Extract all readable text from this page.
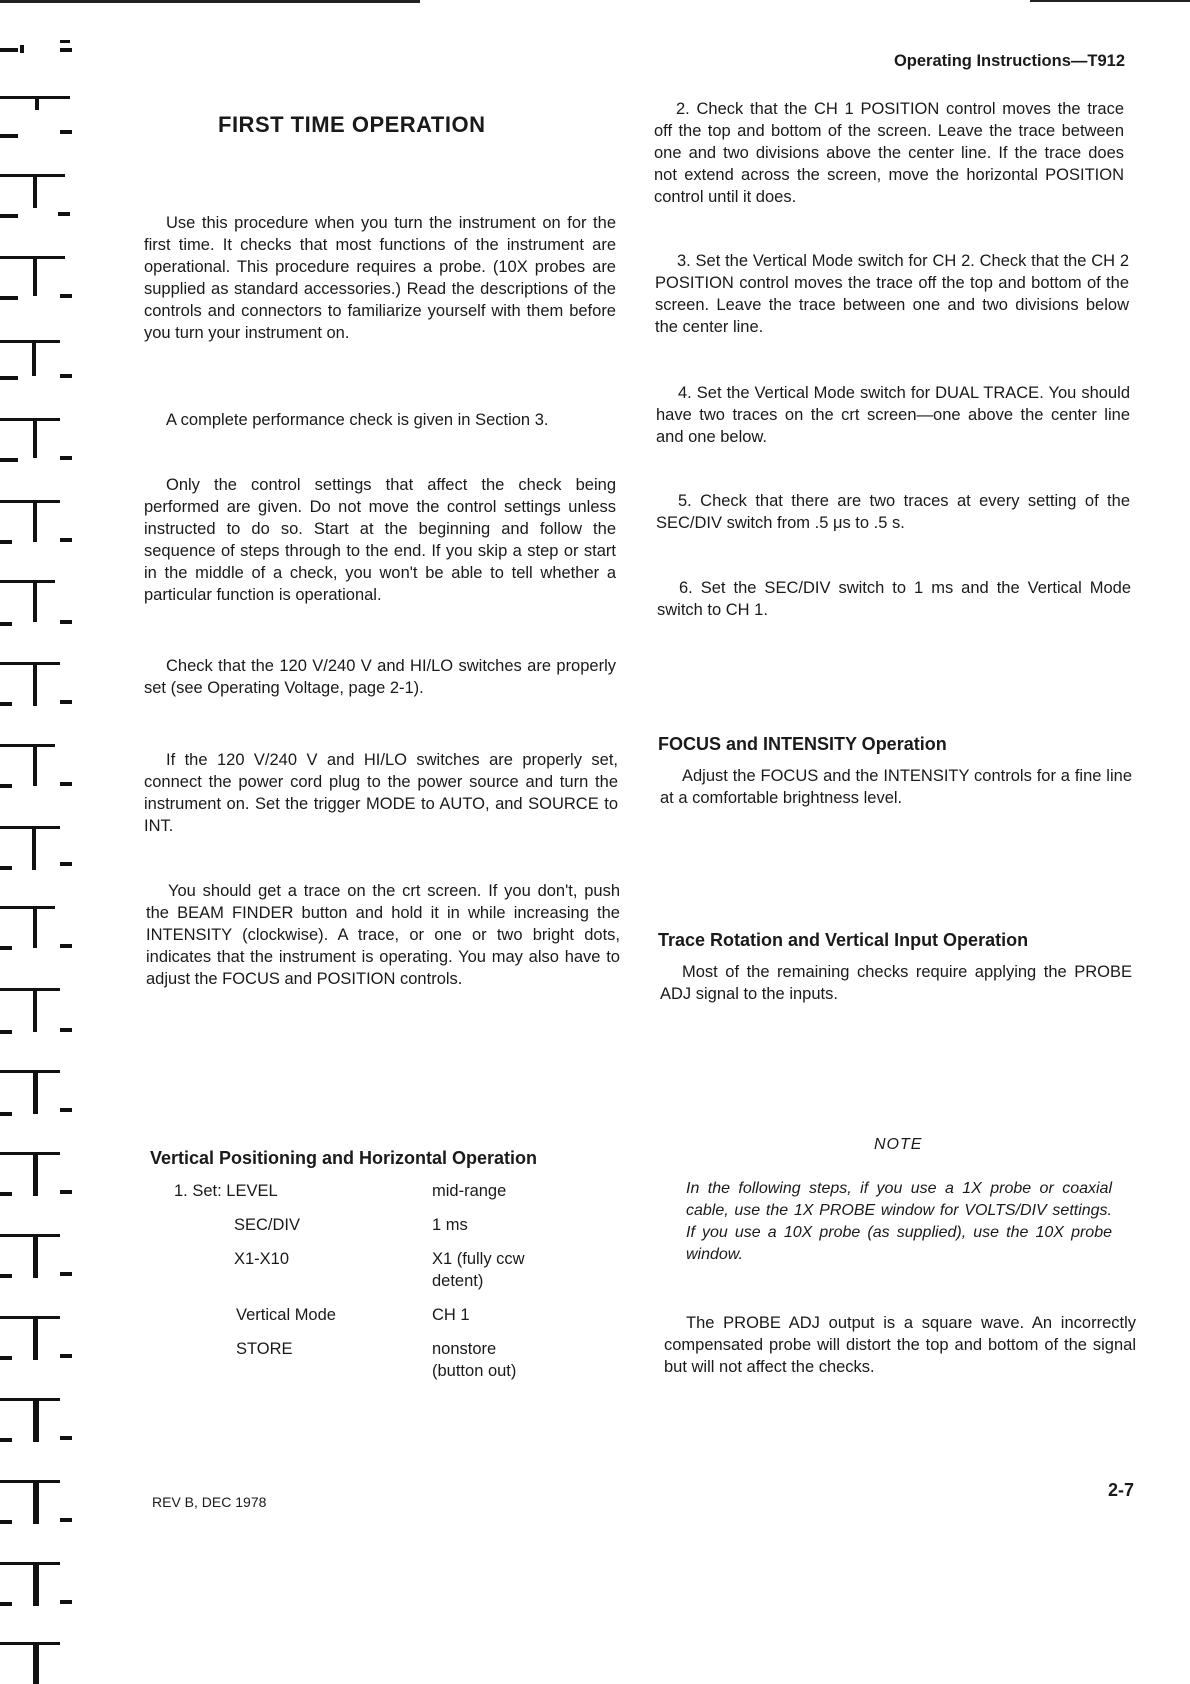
Operating Instructions—T912
FIRST TIME OPERATION

Use this procedure when you turn the instrument on for the first time. It checks that most functions of the instrument are operational. This procedure requires a probe. (10X probes are supplied as standard accessories.) Read the descriptions of the controls and connectors to familiarize yourself with them before you turn your instrument on.

A complete performance check is given in Section 3.

Only the control settings that affect the check being performed are given. Do not move the control settings unless instructed to do so. Start at the beginning and follow the sequence of steps through to the end. If you skip a step or start in the middle of a check, you won't be able to tell whether a particular function is operational.

Check that the 120 V/240 V and HI/LO switches are properly set (see Operating Voltage, page 2-1).

If the 120 V/240 V and HI/LO switches are properly set, connect the power cord plug to the power source and turn the instrument on. Set the trigger MODE to AUTO, and SOURCE to INT.

You should get a trace on the crt screen. If you don't, push the BEAM FINDER button and hold it in while increasing the INTENSITY (clockwise). A trace, or one or two bright dots, indicates that the instrument is operating. You may also have to adjust the FOCUS and POSITION controls.

Vertical Positioning and Horizontal Operation
1. Set: LEVEL	mid-range
SEC/DIV	1 ms
X1-X10	X1 (fully ccw detent)
Vertical Mode	CH 1
STORE	nonstore (button out)
REV B, DEC 1978

2. Check that the CH 1 POSITION control moves the trace off the top and bottom of the screen. Leave the trace between one and two divisions above the center line. If the trace does not extend across the screen, move the horizontal POSITION control until it does.

3. Set the Vertical Mode switch for CH 2. Check that the CH 2 POSITION control moves the trace off the top and bottom of the screen. Leave the trace between one and two divisions below the center line.

4. Set the Vertical Mode switch for DUAL TRACE. You should have two traces on the crt screen—one above the center line and one below.

5. Check that there are two traces at every setting of the SEC/DIV switch from .5 μs to .5 s.

6. Set the SEC/DIV switch to 1 ms and the Vertical Mode switch to CH 1.

FOCUS and INTENSITY Operation

Adjust the FOCUS and the INTENSITY controls for a fine line at a comfortable brightness level.

Trace Rotation and Vertical Input Operation

Most of the remaining checks require applying the PROBE ADJ signal to the inputs.

NOTE

In the following steps, if you use a 1X probe or coaxial cable, use the 1X PROBE window for VOLTS/DIV settings. If you use a 10X probe (as supplied), use the 10X probe window.

The PROBE ADJ output is a square wave. An incorrectly compensated probe will distort the top and bottom of the signal but will not affect the checks.

2-7
